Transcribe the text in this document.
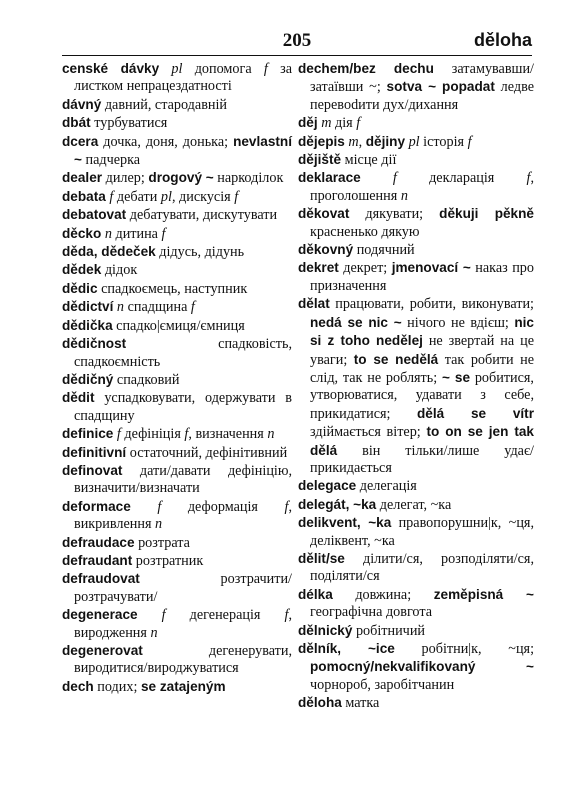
205	děloha

censké dávky pl допомога f за листком непрацездатності

dávný давний, стародавній

dbát турбуватися

dcera дочка, доня, донька; nevlastní ~ падчерка

dealer дилер; drogový ~ наркоділок

debata f дебати pl, дискусія f

debatovat дебатувати, дискутувати

děcko n дитина f

děda, dědeček дідусь, дідунь

dědek дідок

dědic спадкоємець, наступник

dědictví n спадщина f

dědička спадко|ємиця/ємниця

dědičnost спадковість, спадкоємність

dědičný спадковий

dědit успадковувати, одержувати в спадщину

definice f дефініція f, визначення n

definitivní остаточний, дефінітивний

definovat дати/давати дефініцію, визначити/визначати

deformace f деформація f, викривлення n

defraudace розтрата

defraudant розтратник

defraudovat розтрачити/розтрачувати/

degenerace f дегенерація f, виродження n

degenerovat дегенерувати, виродитися/вироджуватися

dech подих; se zatajeným

dechem/bez dechu затамувавши/затаївши ~; sotva ~ popadat ледве перевodити дух/дихання

děj m дія f

dějepis m, dějiny pl історія f

dějiště місце дії

deklarace f декларація f, проголошення n

děkovat дякувати; děkuji pěkně красненько дякую

děkovný подячний

dekret декрет; jmenovací ~ наказ про призначення

dělat працювати, робити, виконувати; nedá se nic ~ нічого не вдієш; nic si z toho nedělej не звертай на це уваги; to se nedělá так робити не слід, так не роблять; ~ se робитися, утворюватися, удавати з себе, прикидатися; dělá se vítr здіймається вітер; to on se jen tak dělá він тільки/лише удає/прикидається

delegace делегація

delegát, ~ka делегат, ~ка

delikvent, ~ka правопорушни|к, ~ця, деліквент, ~ка

dělit/se ділити/ся, розподіляти/ся, поділяти/ся

délka довжина; zeměpisná ~ географічна довгота

dělnický робітничий

dělník, ~ice робітни|к, ~ця; pomocný/nekvalifikovaný ~ чорнороб, заробітчанин

děloha матка
